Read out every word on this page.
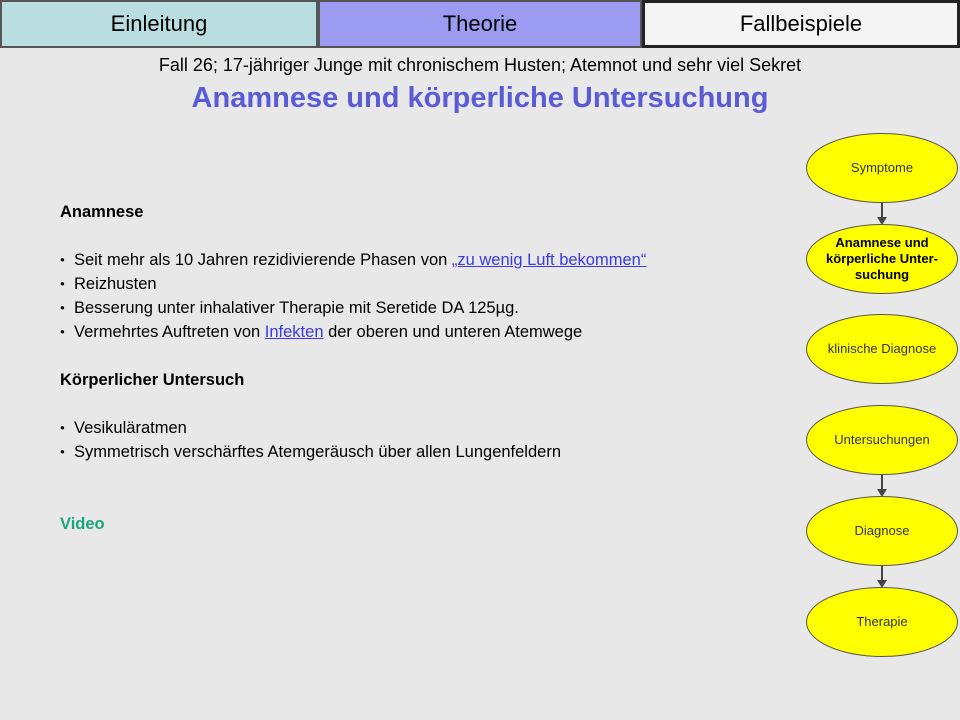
Einleitung	Theorie	Fallbeispiele
Fall 26; 17-jähriger Junge mit chronischem Husten; Atemnot und sehr viel Sekret
Anamnese und körperliche Untersuchung
Anamnese
● Seit mehr als 10 Jahren rezidivierende Phasen von „zu wenig Luft bekommen“
● Reizhusten
● Besserung unter inhalativer Therapie mit Seretide DA 125µg.
● Vermehrtes Auftreten von Infekten der oberen und unteren Atemwege
Körperlicher Untersuch
● Vesikuläratmen
● Symmetrisch verschärftes Atemgeräusch über allen Lungenfeldern
Video
Symptome
Anamnese und körperliche Unter-suchung
klinische Diagnose
Untersuchungen
Diagnose
Therapie
